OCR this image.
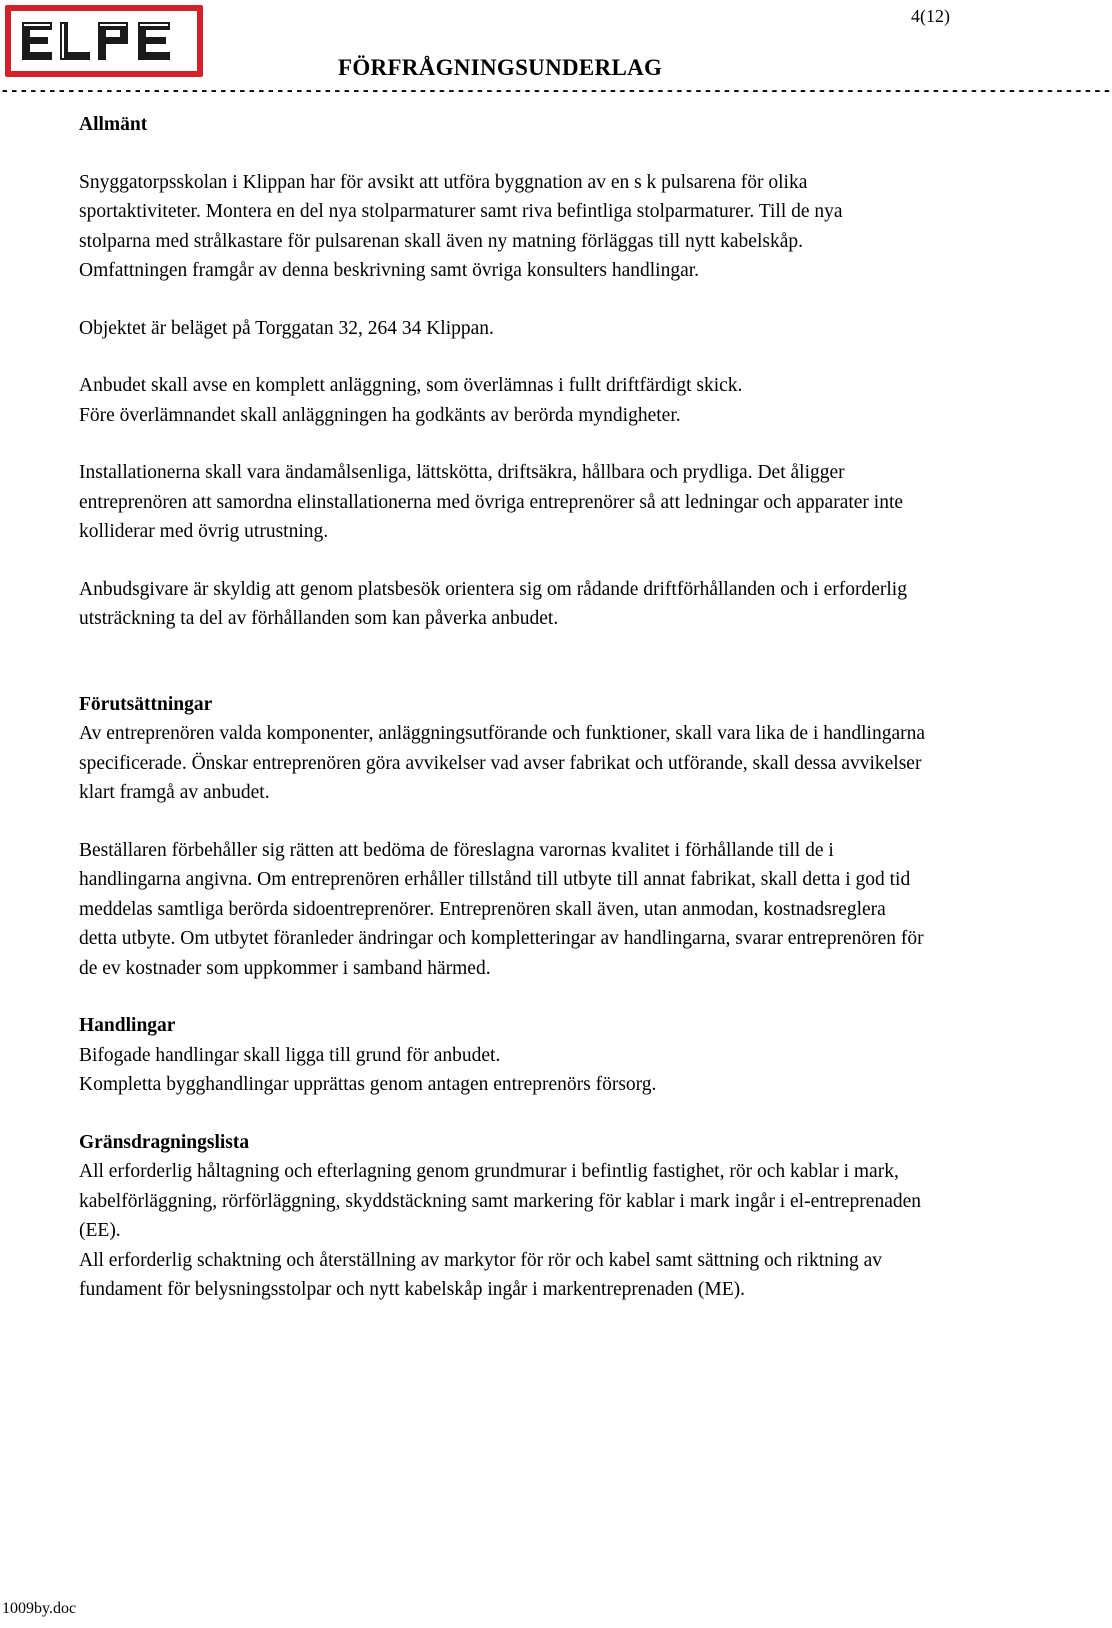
4(12)
FÖRFRÅGNINGSUNDERLAG
---------------------------------------------------------------------------------------------------------------------

Allmänt

Snyggatorpsskolan i Klippan har för avsikt att utföra byggnation av en s k pulsarena för olika sportaktiviteter. Montera en del nya stolparmaturer samt riva befintliga stolparmaturer. Till de nya stolparna med strålkastare för pulsarenan skall även ny matning förläggas till nytt kabelskåp.

Omfattningen framgår av denna beskrivning samt övriga konsulters handlingar.

Objektet är beläget på Torggatan 32, 264 34 Klippan.

Anbudet skall avse en komplett anläggning, som överlämnas i fullt driftfärdigt skick.

Före överlämnandet skall anläggningen ha godkänts av berörda myndigheter.

Installationerna skall vara ändamålsenliga, lättskötta, driftsäkra, hållbara och prydliga. Det åligger entreprenören att samordna elinstallationerna med övriga entreprenörer så att ledningar och apparater inte kolliderar med övrig utrustning.

Anbudsgivare är skyldig att genom platsbesök orientera sig om rådande driftförhållanden och i erforderlig utsträckning ta del av förhållanden som kan påverka anbudet.

Förutsättningar

Av entreprenören valda komponenter, anläggningsutförande och funktioner, skall vara lika de i handlingarna specificerade. Önskar entreprenören göra avvikelser vad avser fabrikat och utförande, skall dessa avvikelser klart framgå av anbudet.

Beställaren förbehåller sig rätten att bedöma de föreslagna varornas kvalitet i förhållande till de i handlingarna angivna. Om entreprenören erhåller tillstånd till utbyte till annat fabrikat, skall detta i god tid meddelas samtliga berörda sidoentreprenörer. Entreprenören skall även, utan anmodan, kostnadsreglera detta utbyte. Om utbytet föranleder ändringar och kompletteringar av handlingarna, svarar entreprenören för de ev kostnader som uppkommer i samband härmed.

Handlingar

Bifogade handlingar skall ligga till grund för anbudet.

Kompletta bygghandlingar upprättas genom antagen entreprenörs försorg.

Gränsdragningslista

All erforderlig håltagning och efterlagning genom grundmurar i befintlig fastighet, rör och kablar i mark, kabelförläggning, rörförläggning, skyddstäckning samt markering för kablar i mark ingår i el-entreprenaden (EE).

All erforderlig schaktning och återställning av markytor för rör och kabel samt sättning och riktning av fundament för belysningsstolpar och nytt kabelskåp ingår i markentreprenaden (ME).

1009by.doc
